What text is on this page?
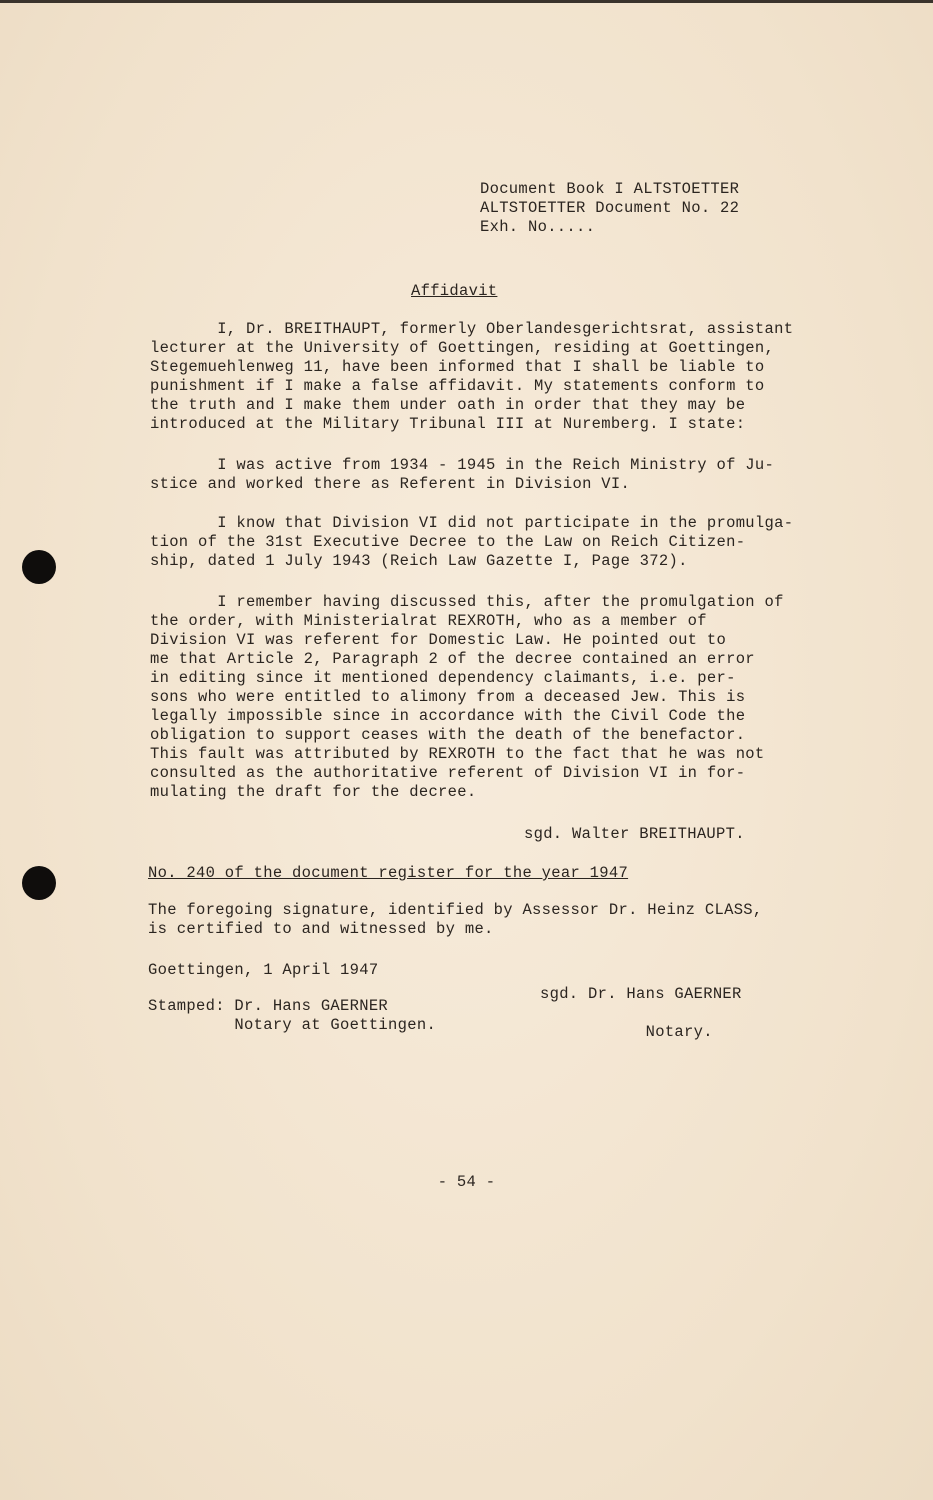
Document Book I ALTSTOETTER
ALTSTOETTER Document No. 22
Exh. No.....
Affidavit
I, Dr. BREITHAUPT, formerly Oberlandesgerichtsrat, assistant
lecturer at the University of Goettingen, residing at Goettingen,
Stegemuehlenweg 11, have been informed that I shall be liable to
punishment if I make a false affidavit. My statements conform to
the truth and I make them under oath in order that they may be
introduced at the Military Tribunal III at Nuremberg. I state:
I was active from 1934 - 1945 in the Reich Ministry of Ju-
stice and worked there as Referent in Division VI.
I know that Division VI did not participate in the promulga-
tion of the 31st Executive Decree to the Law on Reich Citizen-
ship, dated 1 July 1943 (Reich Law Gazette I, Page 372).
I remember having discussed this, after the promulgation of
the order, with Ministerialrat REXROTH, who as a member of
Division VI was referent for Domestic Law. He pointed out to
me that Article 2, Paragraph 2 of the decree contained an error
in editing since it mentioned dependency claimants, i.e. per-
sons who were entitled to alimony from a deceased Jew. This is
legally impossible since in accordance with the Civil Code the
obligation to support ceases with the death of the benefactor.
This fault was attributed by REXROTH to the fact that he was not
consulted as the authoritative referent of Division VI in for-
mulating the draft for the decree.
sgd. Walter BREITHAUPT.
No. 240 of the document register for the year 1947
The foregoing signature, identified by Assessor Dr. Heinz CLASS,
is certified to and witnessed by me.
Goettingen, 1 April 1947
Stamped: Dr. Hans GAERNER
Notary at Goettingen.
sgd. Dr. Hans GAERNER

Notary.
- 54 -
